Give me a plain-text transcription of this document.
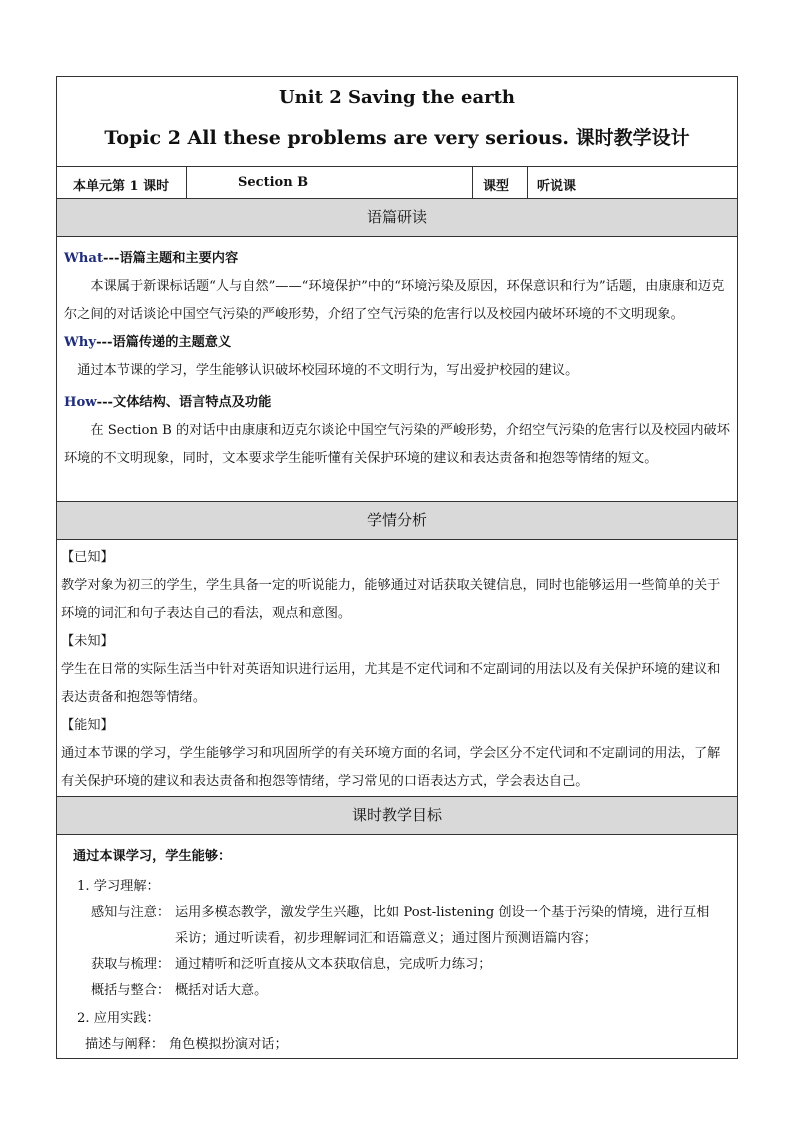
Unit 2 Saving the earth
Topic 2 All these problems are very serious. 课时教学设计
本单元第 1 课时	Section B	课型	听说课
语篇研读

What---语篇主题和主要内容

本课属于新课标话题“人与自然”——“环境保护”中的“环境污染及原因，环保意识和行为”话题，由康康和迈克尔之间的对话谈论中国空气污染的严峻形势，介绍了空气污染的危害行以及校园内破坏环境的不文明现象。

Why---语篇传递的主题意义

通过本节课的学习，学生能够认识破坏校园环境的不文明行为，写出爱护校园的建议。

How---文体结构、语言特点及功能

在 Section B 的对话中由康康和迈克尔谈论中国空气污染的严峻形势，介绍空气污染的危害行以及校园内破坏环境的不文明现象，同时，文本要求学生能听懂有关保护环境的建议和表达责备和抱怨等情绪的短文。

学情分析

【已知】

教学对象为初三的学生，学生具备一定的听说能力，能够通过对话获取关键信息，同时也能够运用一些简单的关于环境的词汇和句子表达自己的看法，观点和意图。

【未知】

学生在日常的实际生活当中针对英语知识进行运用，尤其是不定代词和不定副词的用法以及有关保护环境的建议和表达责备和抱怨等情绪。

【能知】

通过本节课的学习，学生能够学习和巩固所学的有关环境方面的名词，学会区分不定代词和不定副词的用法，了解有关保护环境的建议和表达责备和抱怨等情绪，学习常见的口语表达方式，学会表达自己。

课时教学目标
通过本课学习，学生能够：
1. 学习理解：
感知与注意： 运用多模态教学，激发学生兴趣，比如 Post-listening 创设一个基于污染的情境，进行互相
采访；通过听读看，初步理解词汇和语篇意义；通过图片预测语篇内容；
获取与梳理： 通过精听和泛听直接从文本获取信息，完成听力练习；
概括与整合： 概括对话大意。
2. 应用实践：
描述与阐释： 角色模拟扮演对话；
